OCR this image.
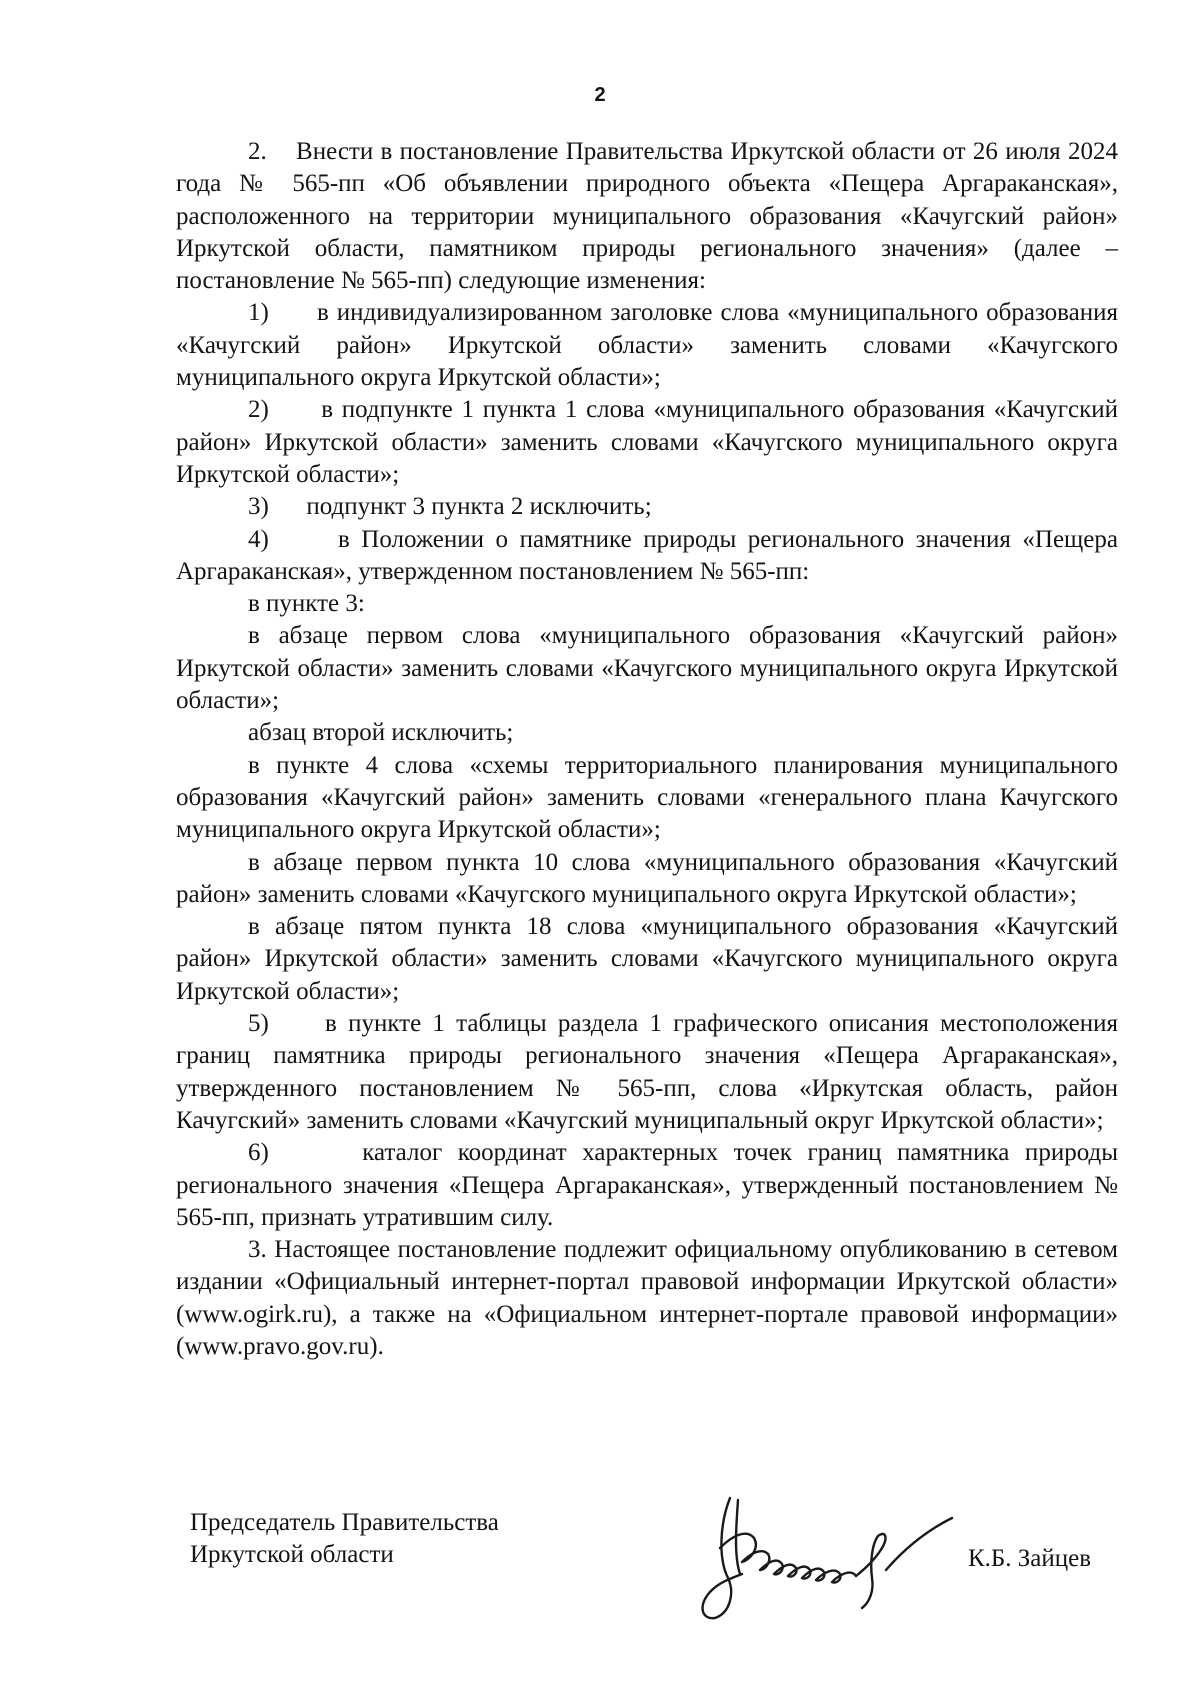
2

2.    Внести в постановление Правительства Иркутской области от 26 июля 2024 года № 565-пп «Об объявлении природного объекта «Пещера Аргараканская», расположенного на территории муниципального образования «Качугский район» Иркутской области, памятником природы регионального значения» (далее – постановление № 565-пп) следующие изменения:

1)      в индивидуализированном заголовке слова «муниципального образования «Качугский район» Иркутской области» заменить словами «Качугского муниципального округа Иркутской области»;

2)      в подпункте 1 пункта 1 слова «муниципального образования «Качугский район» Иркутской области» заменить словами «Качугского муниципального округа Иркутской области»;

3)      подпункт 3 пункта 2 исключить;

4)      в Положении о памятнике природы регионального значения «Пещера Аргараканская», утвержденном постановлением № 565-пп:

в пункте 3:

в абзаце первом слова «муниципального образования «Качугский район» Иркутской области» заменить словами «Качугского муниципального округа Иркутской области»;

абзац второй исключить;

в пункте 4 слова «схемы территориального планирования муниципального образования «Качугский район» заменить словами «генерального плана Качугского муниципального округа Иркутской области»;

в абзаце первом пункта 10 слова «муниципального образования «Качугский район» заменить словами «Качугского муниципального округа Иркутской области»;

в абзаце пятом пункта 18 слова «муниципального образования «Качугский район» Иркутской области» заменить словами «Качугского муниципального округа Иркутской области»;

5)     в пункте 1 таблицы раздела 1 графического описания местоположения границ памятника природы регионального значения «Пещера Аргараканская», утвержденного постановлением № 565-пп, слова «Иркутская область, район Качугский» заменить словами «Качугский муниципальный округ Иркутской области»;

6)      каталог координат характерных точек границ памятника природы регионального значения «Пещера Аргараканская», утвержденный постановлением № 565-пп, признать утратившим силу.

3. Настоящее постановление подлежит официальному опубликованию в сетевом издании «Официальный интернет-портал правовой информации Иркутской области» (www.ogirk.ru), а также на «Официальном интернет-портале правовой информации» (www.pravo.gov.ru).

Председатель Правительства
Иркутской области	К.Б. Зайцев
